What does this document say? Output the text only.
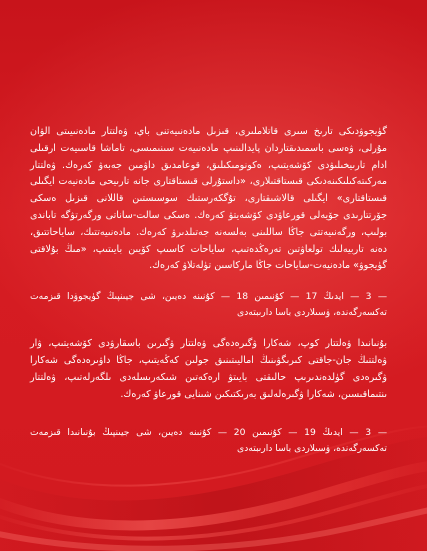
گۈيجوۋدىكى تارىخ سىرى قاتلاملىرى، قىزىل مادەنىيەتنى باي، ۋەلتتار مادەنىيىتى الۋان مۇرلى، ۋەسى باسمىدىقتاردان پايدالىنىپ مادەنىيەت سىنىمىسى، تاماشا قاسىيەت ارقىلى ادام تارىيخىلىۋدى كۆشەيتىپ، ەكونومىكىلىق، قوعامدىق داۋمىن جەبەۋ كەرەك. ۋەلتتار مەركىتەكىلىكىنەدىكى قىستاقتىلارى، «داستۇرلى قىستاقتارى جانە تارىيحى مادەنيەت ايگىلى قىستاقتارى» ايگىلى قالاشىقتارى، تۇگكەرستىك سوسىستىن قاللانى قىزىل ەسكى جۆرتتارىدى جۆيەلى قورعاۋدى كۆشەيتۋ كەرەك. ەسكى سالت-ساناتى ورگەرتۋگە تاباندى بولىپ، ورگەنىيەتتى جاڭا ساللىنى بەلسەنە جەتىلدىرۋ كەرەك. مادەنىيەتتىك، ساياحاتتىق، دەنە تاربيەلىك تولعاۋتىن تەرەڭدەتىپ، ساياحات كاسىپ كۆيىن بايىتىپ، «مىڭ بۇلاقتى گۈيجوۋ» مادەنيەت-ساياحات جاڭا ماركاسىن تۈلەتلاۋ كەرەك.

— 3 — ايدىڭ 17 — كۇنىمىن 18 — كۇنىنە دەيىن، شى جيىنپىڭ گۈيجوۋدا قىزمەت تەكسەرگەندە، ۋسىلاردى باسا دارىبتەدى

بۇنىانىدا ۋەلتتار كوپ، شەكارا ۋگىرەدەگى ۋەلتتار ۋگىرىن باسقارۋدى كۆشەيتىپ، ۋار ۋەلتتىڭ جان-جاقتى كىرىگۋىنىڭ اماليىتىنىق جولىن كەڭەيتىپ، جاڭا داۋىرەدەگى شەكارا ۋگىرەدى گۈلدەندىرىپ حالىقتى بايىتۋ ارەكەتىن شىكەرىسلەدى ىلگەرلەتىپ، ۋەلتتار ىنتىماقىسىن، شەكارا ۋگىرەلەلىق بەرىكتىكىن شىنايى قورعاۋ كەرەك.

— 3 — ايدىڭ 19 — كۇنىمىن 20 — كۇنىنە دەيىن، شى جيىنپىڭ بۇنىانىدا قىزمەت تەكسەرگەندە، ۋسىلاردى باسا دارىبتەدى
